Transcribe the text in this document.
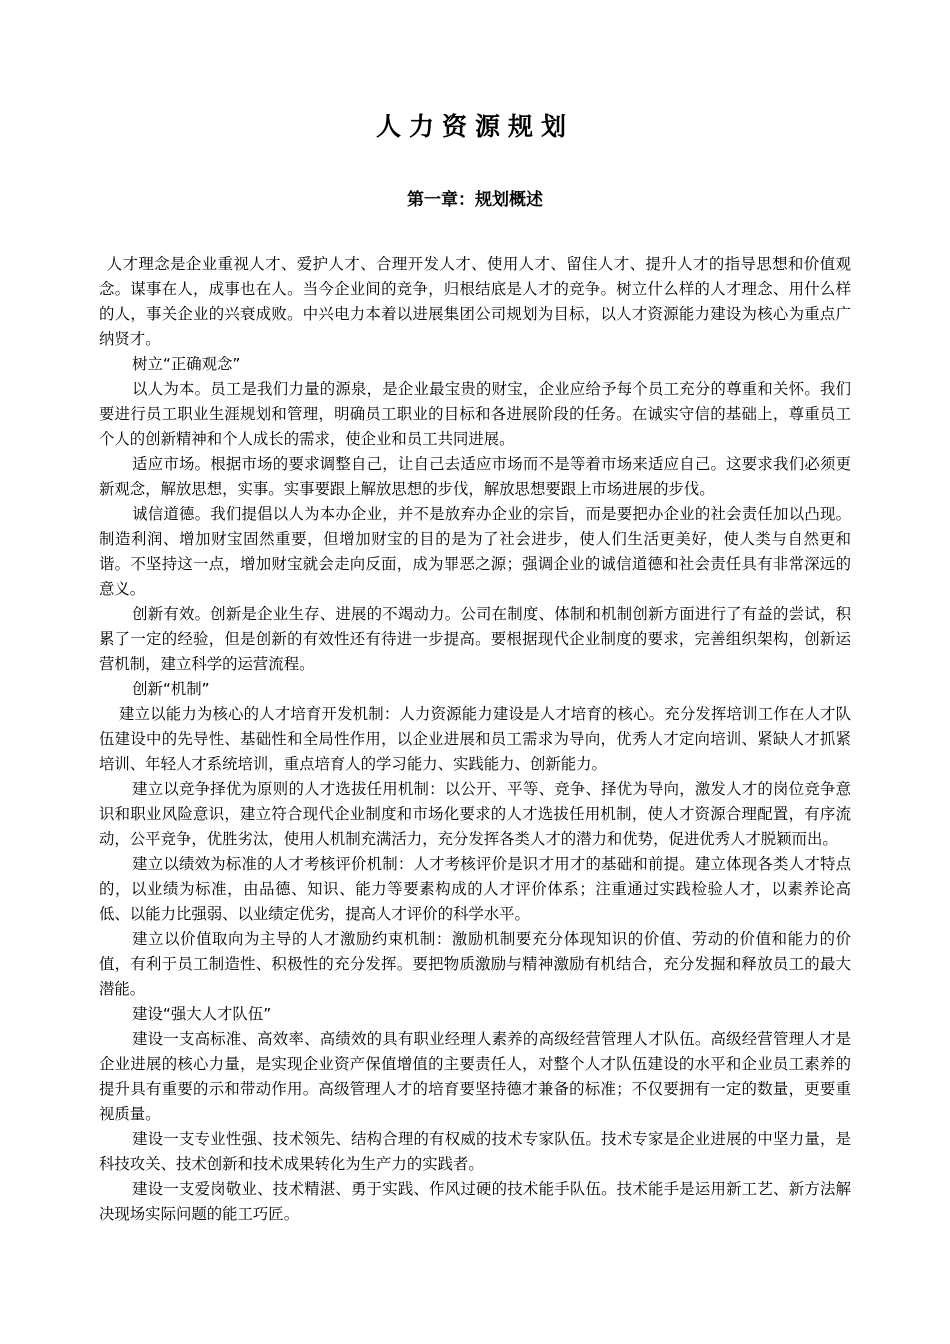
人力资源规划
第一章：规划概述

人才理念是企业重视人才、爱护人才、合理开发人才、使用人才、留住人才、提升人才的指导思想和价值观念。谋事在人，成事也在人。当今企业间的竞争，归根结底是人才的竞争。树立什么样的人才理念、用什么样的人，事关企业的兴衰成败。中兴电力本着以进展集团公司规划为目标，以人才资源能力建设为核心为重点广纳贤才。

树立“正确观念”

以人为本。员工是我们力量的源泉，是企业最宝贵的财宝，企业应给予每个员工充分的尊重和关怀。我们要进行员工职业生涯规划和管理，明确员工职业的目标和各进展阶段的任务。在诚实守信的基础上，尊重员工个人的创新精神和个人成长的需求，使企业和员工共同进展。

适应市场。根据市场的要求调整自己，让自己去适应市场而不是等着市场来适应自己。这要求我们必须更新观念，解放思想，实事。实事要跟上解放思想的步伐，解放思想要跟上市场进展的步伐。

诚信道德。我们提倡以人为本办企业，并不是放弃办企业的宗旨，而是要把办企业的社会责任加以凸现。制造利润、增加财宝固然重要，但增加财宝的目的是为了社会进步，使人们生活更美好，使人类与自然更和谐。不坚持这一点，增加财宝就会走向反面，成为罪恶之源；强调企业的诚信道德和社会责任具有非常深远的意义。

创新有效。创新是企业生存、进展的不竭动力。公司在制度、体制和机制创新方面进行了有益的尝试，积累了一定的经验，但是创新的有效性还有待进一步提高。要根据现代企业制度的要求，完善组织架构，创新运营机制，建立科学的运营流程。

创新“机制”

建立以能力为核心的人才培育开发机制：人力资源能力建设是人才培育的核心。充分发挥培训工作在人才队伍建设中的先导性、基础性和全局性作用，以企业进展和员工需求为导向，优秀人才定向培训、紧缺人才抓紧培训、年轻人才系统培训，重点培育人的学习能力、实践能力、创新能力。

建立以竞争择优为原则的人才选拔任用机制：以公开、平等、竞争、择优为导向，激发人才的岗位竞争意识和职业风险意识，建立符合现代企业制度和市场化要求的人才选拔任用机制，使人才资源合理配置，有序流动，公平竞争，优胜劣汰，使用人机制充满活力，充分发挥各类人才的潜力和优势，促进优秀人才脱颖而出。

建立以绩效为标准的人才考核评价机制：人才考核评价是识才用才的基础和前提。建立体现各类人才特点的，以业绩为标准，由品德、知识、能力等要素构成的人才评价体系；注重通过实践检验人才，以素养论高低、以能力比强弱、以业绩定优劣，提高人才评价的科学水平。

建立以价值取向为主导的人才激励约束机制：激励机制要充分体现知识的价值、劳动的价值和能力的价值，有利于员工制造性、积极性的充分发挥。要把物质激励与精神激励有机结合，充分发掘和释放员工的最大潜能。

建设“强大人才队伍”

建设一支高标准、高效率、高绩效的具有职业经理人素养的高级经营管理人才队伍。高级经营管理人才是企业进展的核心力量，是实现企业资产保值增值的主要责任人，对整个人才队伍建设的水平和企业员工素养的提升具有重要的示和带动作用。高级管理人才的培育要坚持德才兼备的标准；不仅要拥有一定的数量，更要重视质量。

建设一支专业性强、技术领先、结构合理的有权威的技术专家队伍。技术专家是企业进展的中坚力量，是科技攻关、技术创新和技术成果转化为生产力的实践者。

建设一支爱岗敬业、技术精湛、勇于实践、作风过硬的技术能手队伍。技术能手是运用新工艺、新方法解决现场实际问题的能工巧匠。
